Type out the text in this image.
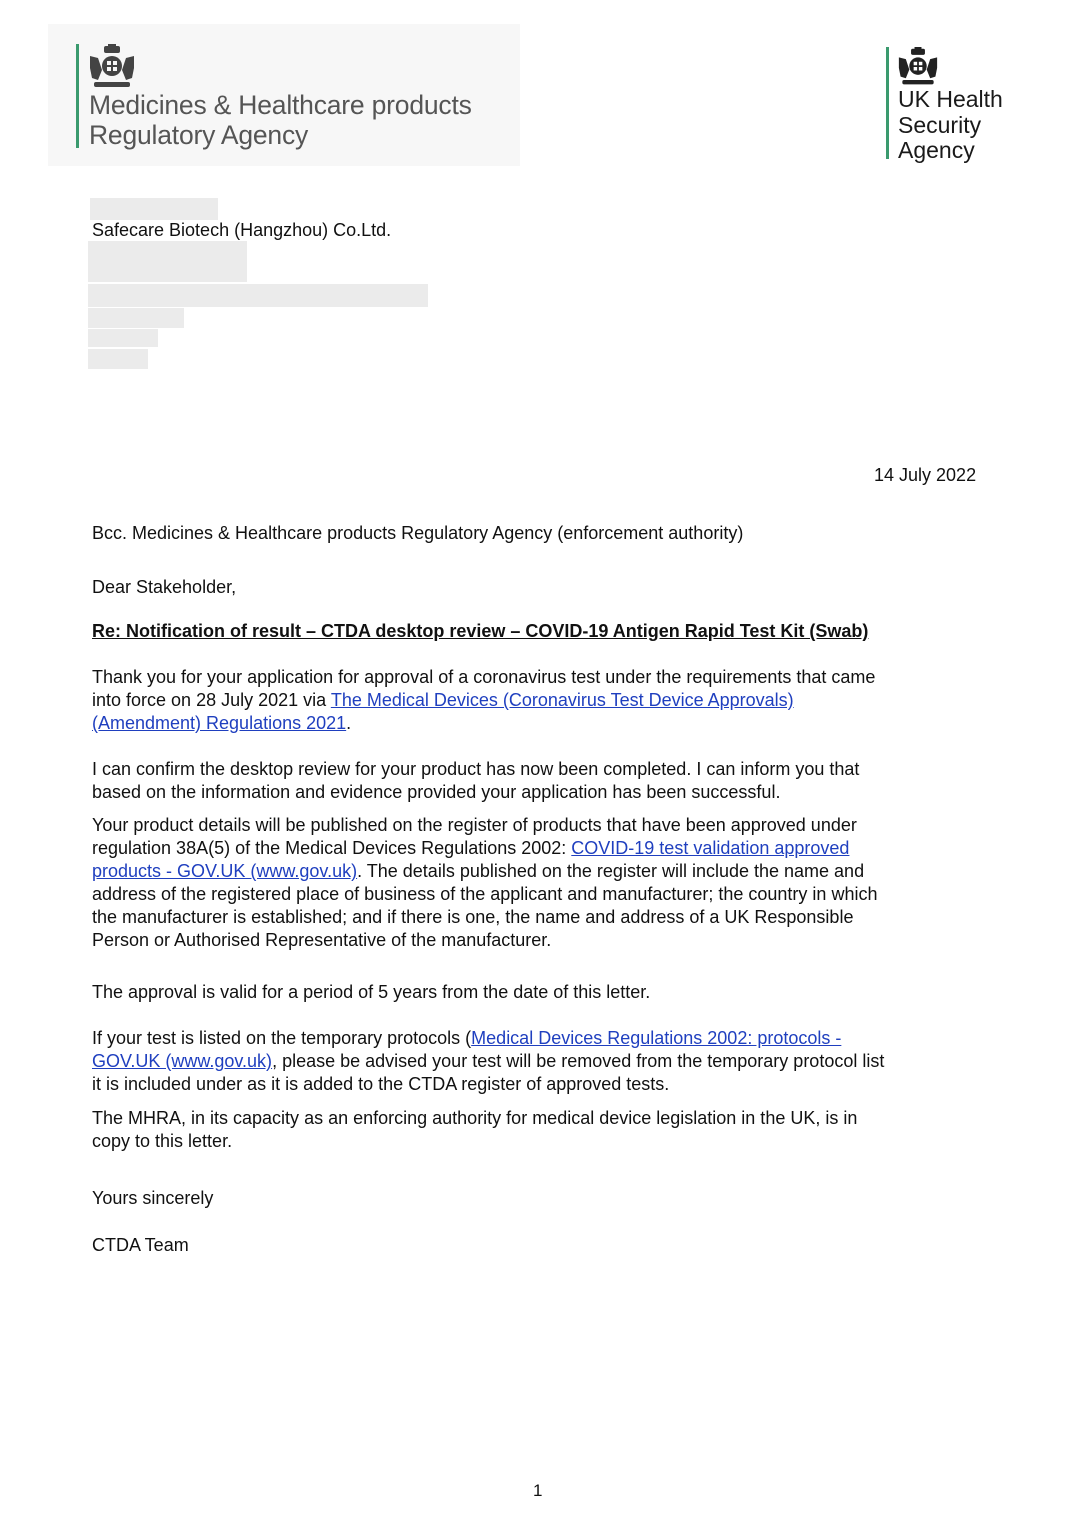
Medicines & Healthcare products
Regulatory Agency
UK Health
Security
Agency
Safecare Biotech (Hangzhou) Co.Ltd.
14 July 2022
Bcc. Medicines & Healthcare products Regulatory Agency (enforcement authority)
Dear Stakeholder,
Re: Notification of result – CTDA desktop review – COVID-19 Antigen Rapid Test Kit (Swab)
Thank you for your application for approval of a coronavirus test under the requirements that came
into force on 28 July 2021 via The Medical Devices (Coronavirus Test Device Approvals)
(Amendment) Regulations 2021.
I can confirm the desktop review for your product has now been completed. I can inform you that
based on the information and evidence provided your application has been successful.
Your product details will be published on the register of products that have been approved under
regulation 38A(5) of the Medical Devices Regulations 2002: COVID-19 test validation approved
products - GOV.UK (www.gov.uk). The details published on the register will include the name and
address of the registered place of business of the applicant and manufacturer; the country in which
the manufacturer is established; and if there is one, the name and address of a UK Responsible
Person or Authorised Representative of the manufacturer.
The approval is valid for a period of 5 years from the date of this letter.
If your test is listed on the temporary protocols (Medical Devices Regulations 2002: protocols -
GOV.UK (www.gov.uk), please be advised your test will be removed from the temporary protocol list
it is included under as it is added to the CTDA register of approved tests.
The MHRA, in its capacity as an enforcing authority for medical device legislation in the UK, is in
copy to this letter.
Yours sincerely
CTDA Team
1
